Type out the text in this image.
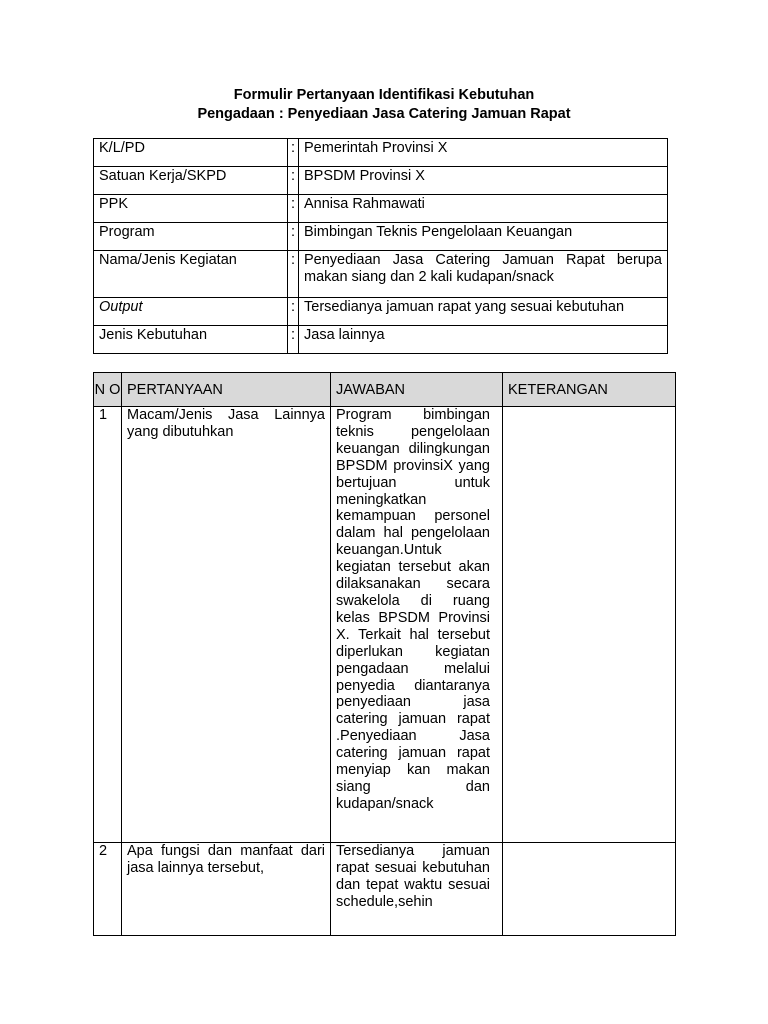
Formulir Pertanyaan Identifikasi Kebutuhan
Pengadaan : Penyediaan Jasa Catering Jamuan Rapat
K/L/PD	:	Pemerintah Provinsi X
Satuan Kerja/SKPD	:	BPSDM Provinsi X
PPK	:	Annisa Rahmawati
Program	:	Bimbingan Teknis Pengelolaan Keuangan
Nama/Jenis Kegiatan	:	Penyediaan Jasa Catering Jamuan Rapat berupa makan siang dan 2 kali kudapan/snack
Output	:	Tersedianya jamuan rapat yang sesuai kebutuhan
Jenis Kebutuhan	:	Jasa lainnya
N O	PERTANYAAN	JAWABAN	KETERANGAN
1	Macam/Jenis Jasa Lainnya yang dibutuhkan	Program bimbingan teknis pengelolaan keuangan dilingkungan BPSDM provinsiX yang bertujuan untuk meningkatkan kemampuan personel dalam hal pengelolaan keuangan.Untuk kegiatan tersebut akan dilaksanakan secara swakelola di ruang kelas BPSDM Provinsi X. Terkait hal tersebut diperlukan kegiatan pengadaan melalui penyedia diantaranya penyediaan jasa catering jamuan rapat .Penyediaan Jasa catering jamuan rapat menyiap kan makan siang dan kudapan/snack	
2	Apa fungsi dan manfaat dari jasa lainnya tersebut,	Tersedianya jamuan rapat sesuai kebutuhan dan tepat waktu sesuai schedule,sehin	
